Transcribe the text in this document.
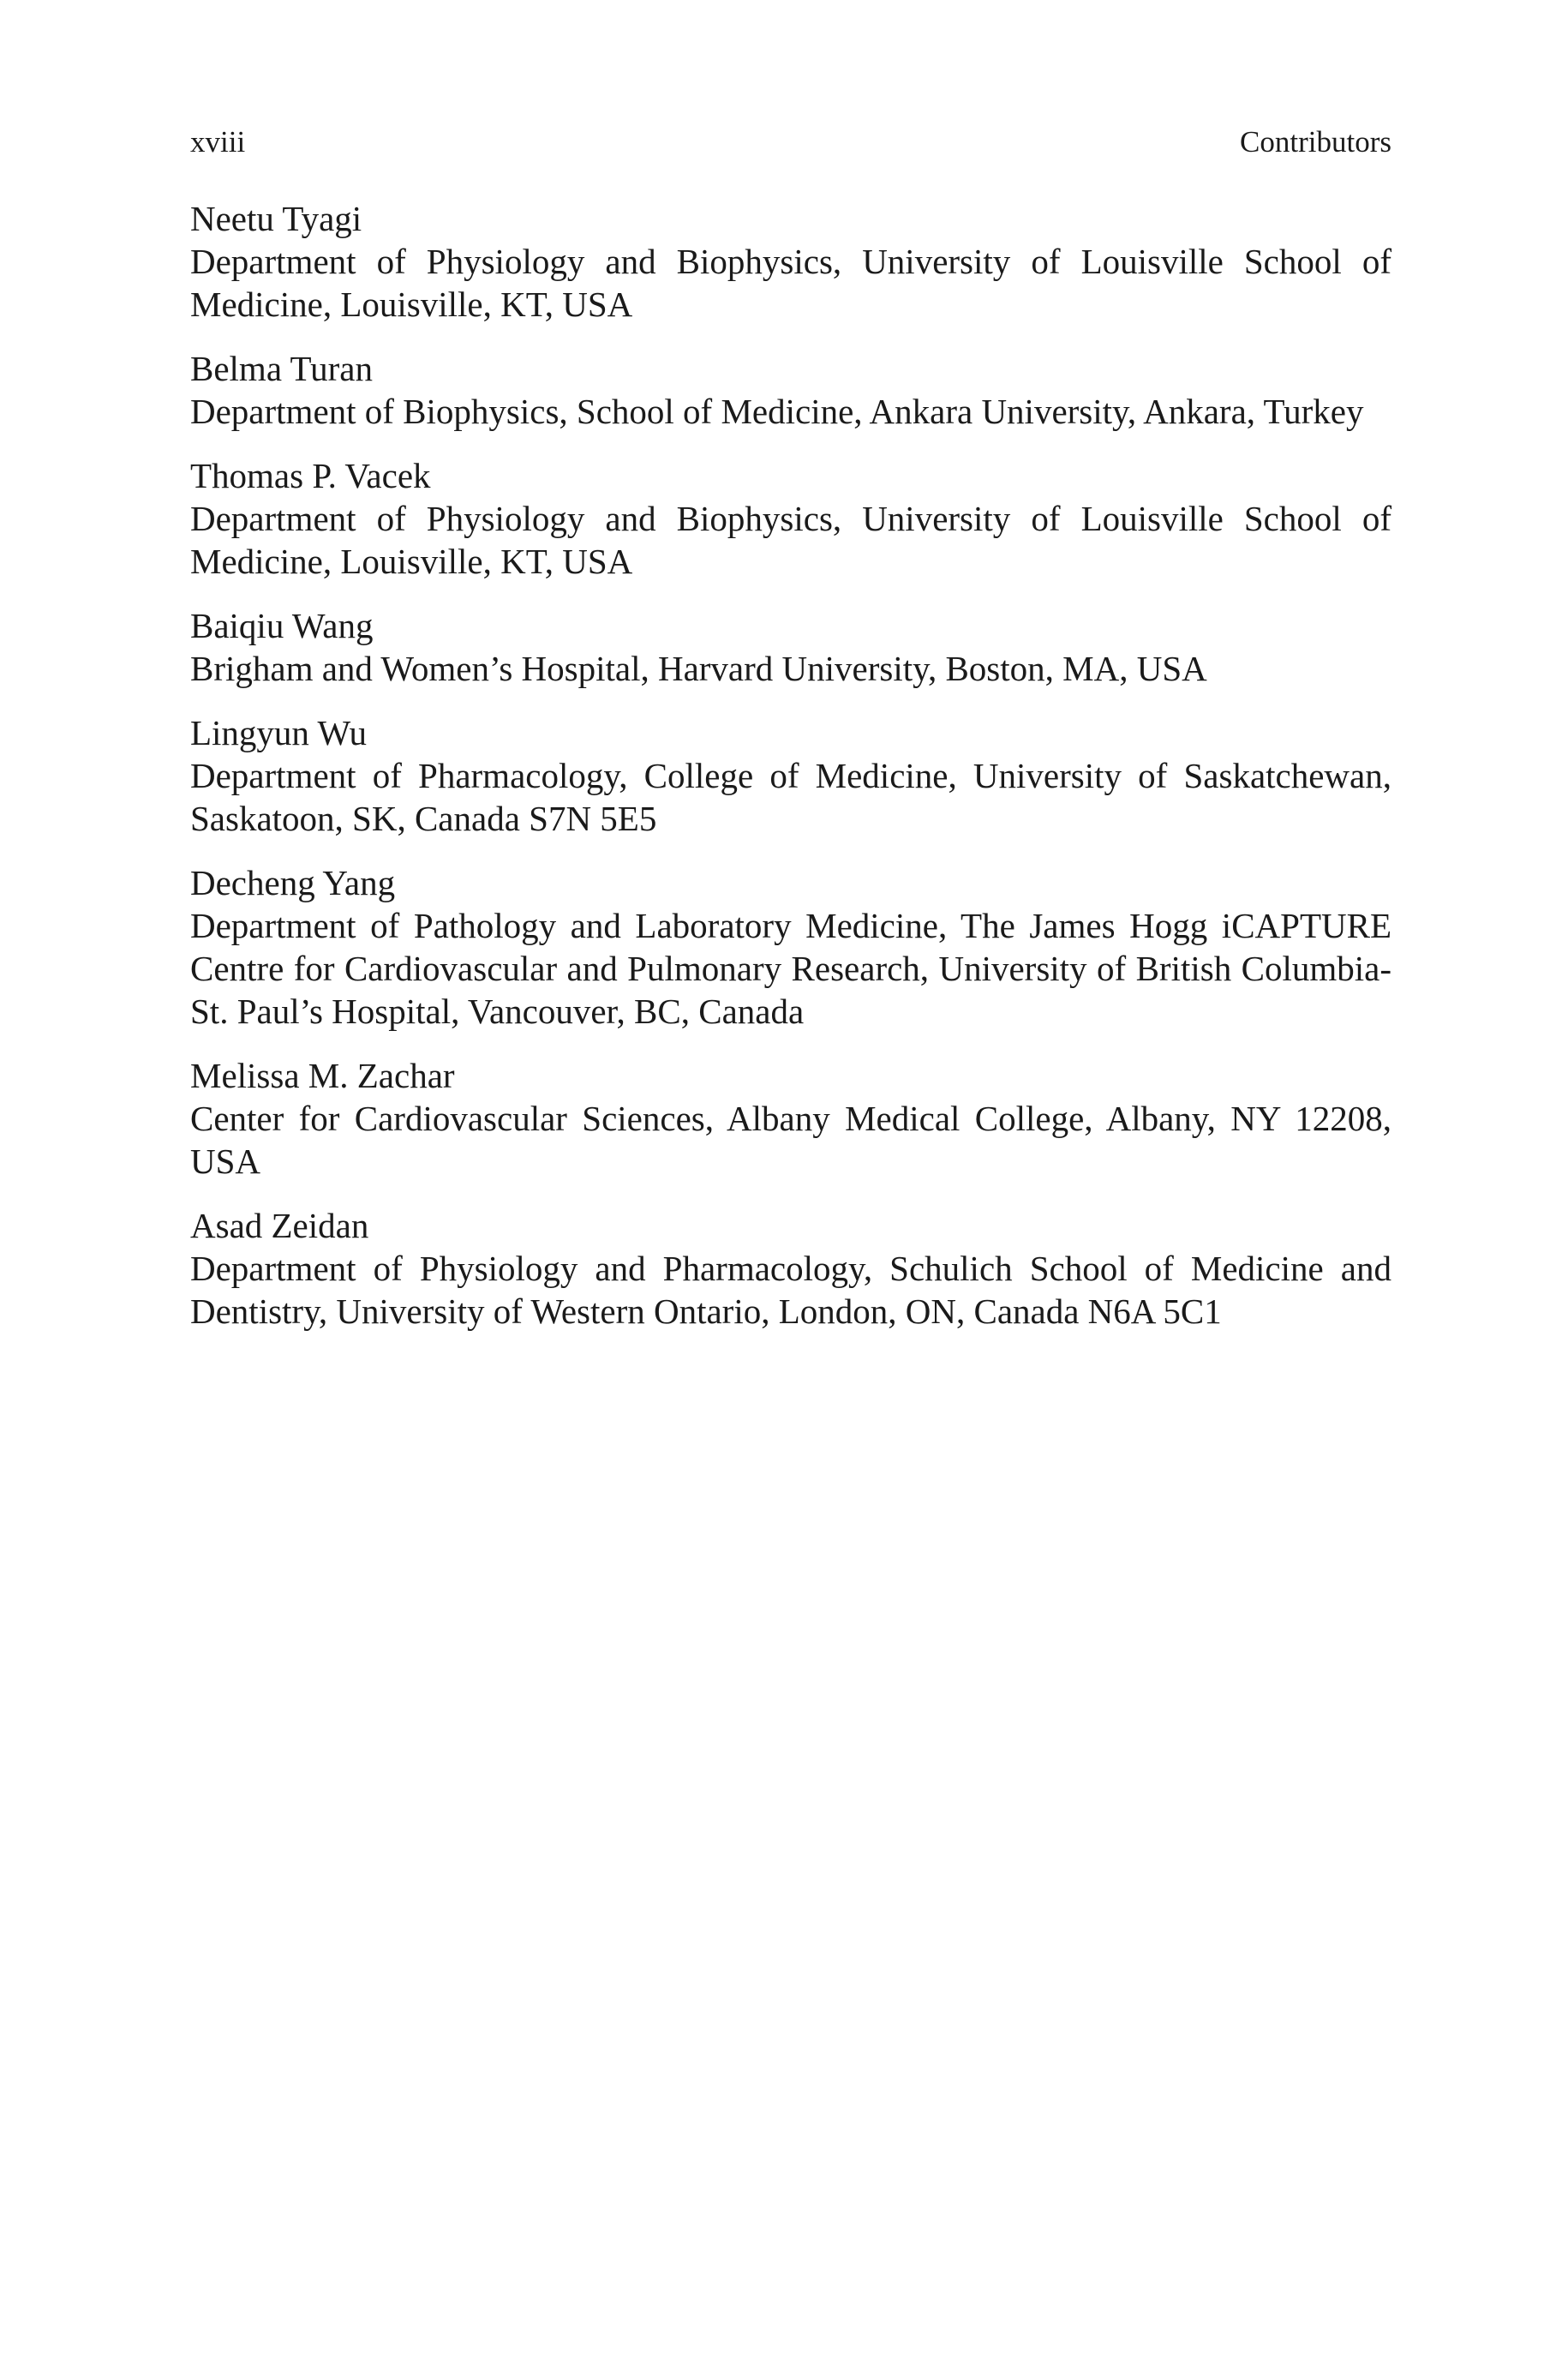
xviii	Contributors
Neetu Tyagi
Department of Physiology and Biophysics, University of Louisville School of Medicine, Louisville, KT, USA
Belma Turan
Department of Biophysics, School of Medicine, Ankara University, Ankara, Turkey
Thomas P. Vacek
Department of Physiology and Biophysics, University of Louisville School of Medicine, Louisville, KT, USA
Baiqiu Wang
Brigham and Women’s Hospital, Harvard University, Boston, MA, USA
Lingyun Wu
Department of Pharmacology, College of Medicine, University of Saskatchewan, Saskatoon, SK, Canada S7N 5E5
Decheng Yang
Department of Pathology and Laboratory Medicine, The James Hogg iCAPTURE Centre for Cardiovascular and Pulmonary Research, University of British Columbia-St. Paul’s Hospital, Vancouver, BC, Canada
Melissa M. Zachar
Center for Cardiovascular Sciences, Albany Medical College, Albany, NY 12208, USA
Asad Zeidan
Department of Physiology and Pharmacology, Schulich School of Medicine and Dentistry, University of Western Ontario, London, ON, Canada N6A 5C1
